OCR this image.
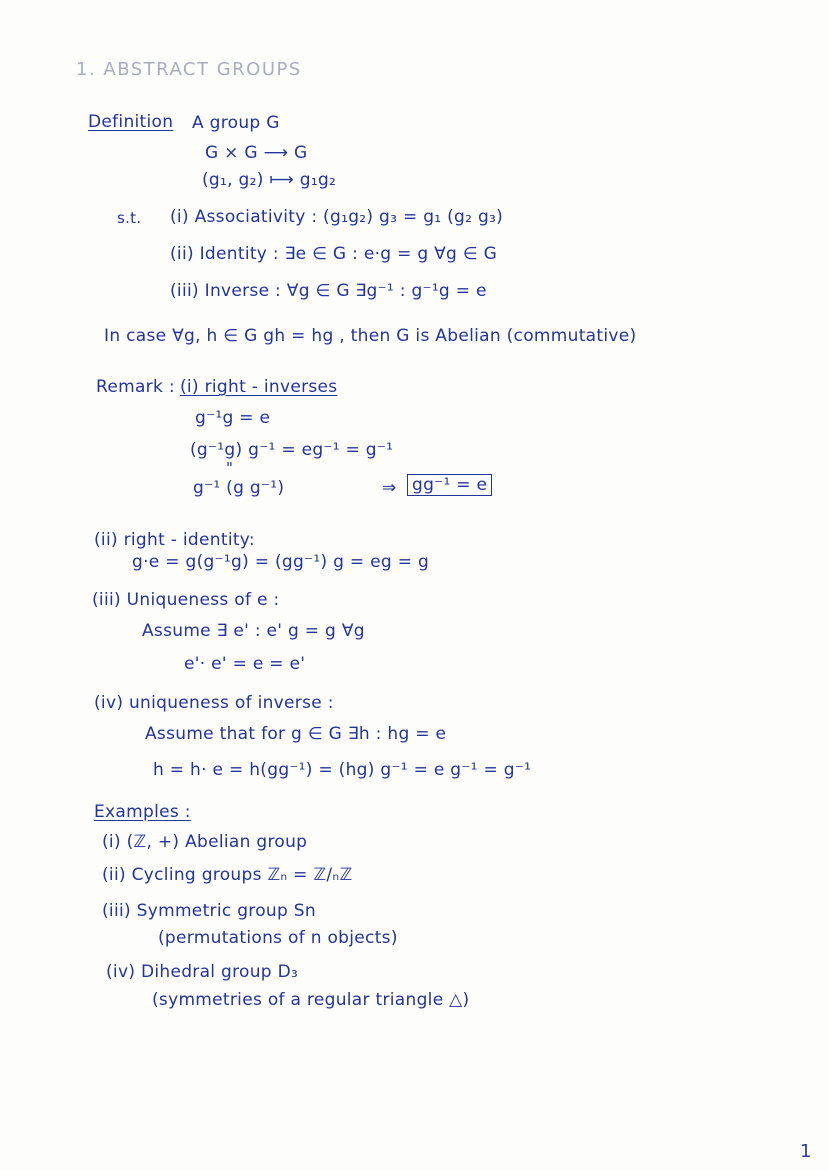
1. ABSTRACT GROUPS
Definition A group G
G × G ⟶ G
(g₁, g₂) ⟼ g₁g₂
s.t. (i) Associativity : (g₁g₂) g₃ = g₁ (g₂ g₃)
(ii) Identity : ∃e ∈ G : e·g = g ∀g ∈ G
(iii) Inverse : ∀g ∈ G ∃g⁻¹ : g⁻¹g = e
In case ∀g, h ∈ G gh = hg , then G is Abelian (commutative)
Remark : (i) right - inverses
g⁻¹g = e
(g⁻¹g) g⁻¹ = eg⁻¹ = g⁻¹
"
g⁻¹ (g g⁻¹)	⇒ gg⁻¹ = e
(ii) right - identity:
g·e = g(g⁻¹g) = (gg⁻¹) g = eg = g
(iii) Uniqueness of e :
Assume ∃ e' : e' g = g ∀g
e'· e' = e = e'
(iv) uniqueness of inverse :
Assume that for g ∈ G ∃h : hg = e
h = h· e = h(gg⁻¹) = (hg) g⁻¹ = e g⁻¹ = g⁻¹
Examples :
(i) (ℤ, +) Abelian group
(ii) Cycling groups ℤₙ = ℤ/ₙℤ
(iii) Symmetric group Sn
(permutations of n objects)
(iv) Dihedral group D₃
(symmetries of a regular triangle △)
1
